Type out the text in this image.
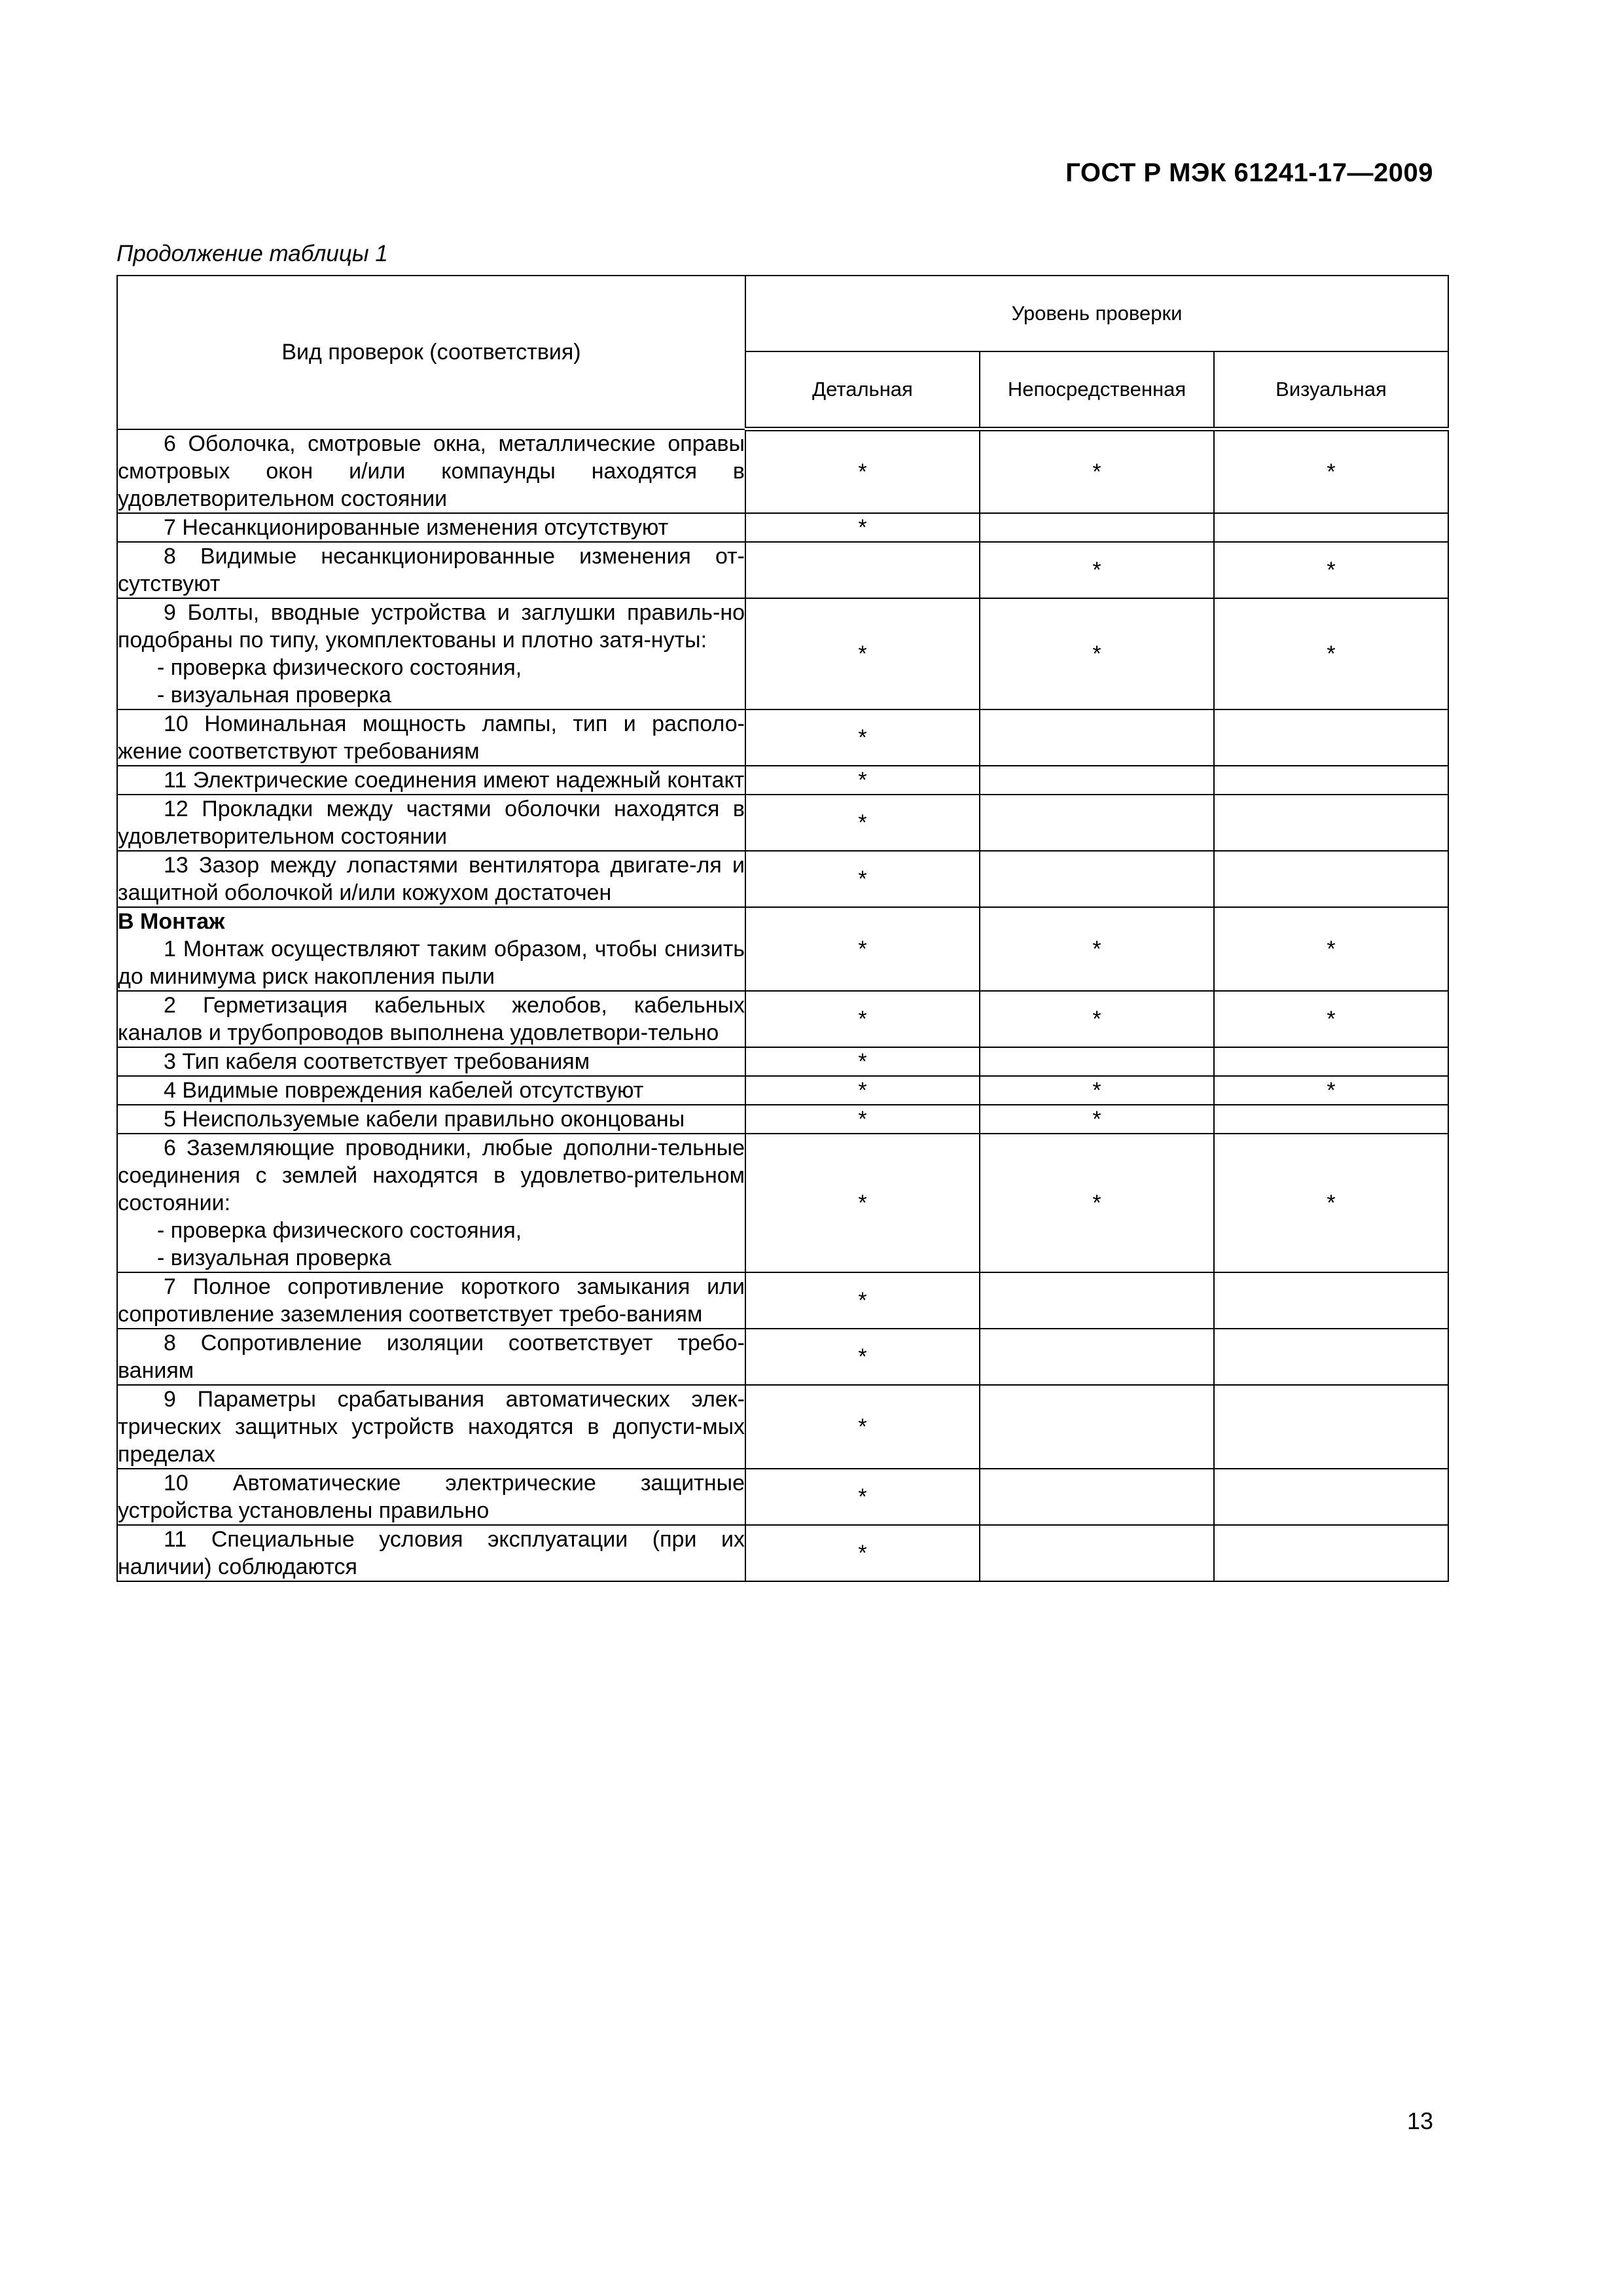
ГОСТ Р МЭК 61241-17—2009
Продолжение таблицы 1
Вид проверок (соответствия)	Уровень проверки		
	Детальная	Непосредственная	Визуальная

6 Оболочка, смотровые окна, металлические оправы смотровых окон и/или компаунды находятся в удовлетворительном состоянии	*	*	*

7 Несанкционированные изменения отсутствуют	*		

8 Видимые несанкционированные изменения от-сутствуют		*	*

9 Болты, вводные устройства и заглушки правиль-но подобраны по типу, укомплектованы и плотно затя-нуты:
- проверка физического состояния,
- визуальная проверка	*	*	*

10 Номинальная мощность лампы, тип и располо-жение соответствуют требованиям	*		

11 Электрические соединения имеют надежный контакт	*		

12 Прокладки между частями оболочки находятся в удовлетворительном состоянии	*		

13 Зазор между лопастями вентилятора двигате-ля и защитной оболочкой и/или кожухом достаточен	*		

В Монтаж
1 Монтаж осуществляют таким образом, чтобы снизить до минимума риск накопления пыли	*	*	*

2 Герметизация кабельных желобов, кабельных каналов и трубопроводов выполнена удовлетвори-тельно	*	*	*

3 Тип кабеля соответствует требованиям	*		

4 Видимые повреждения кабелей отсутствуют	*	*	*

5 Неиспользуемые кабели правильно оконцованы	*	*	

6 Заземляющие проводники, любые дополни-тельные соединения с землей находятся в удовлетво-рительном состоянии:
- проверка физического состояния,
- визуальная проверка	*	*	*

7 Полное сопротивление короткого замыкания или сопротивление заземления соответствует требо-ваниям	*		

8 Сопротивление изоляции соответствует требо-ваниям	*		

9 Параметры срабатывания автоматических элек-трических защитных устройств находятся в допусти-мых пределах	*		

10 Автоматические электрические защитные устройства установлены правильно	*		

11 Специальные условия эксплуатации (при их наличии) соблюдаются	*		
13
